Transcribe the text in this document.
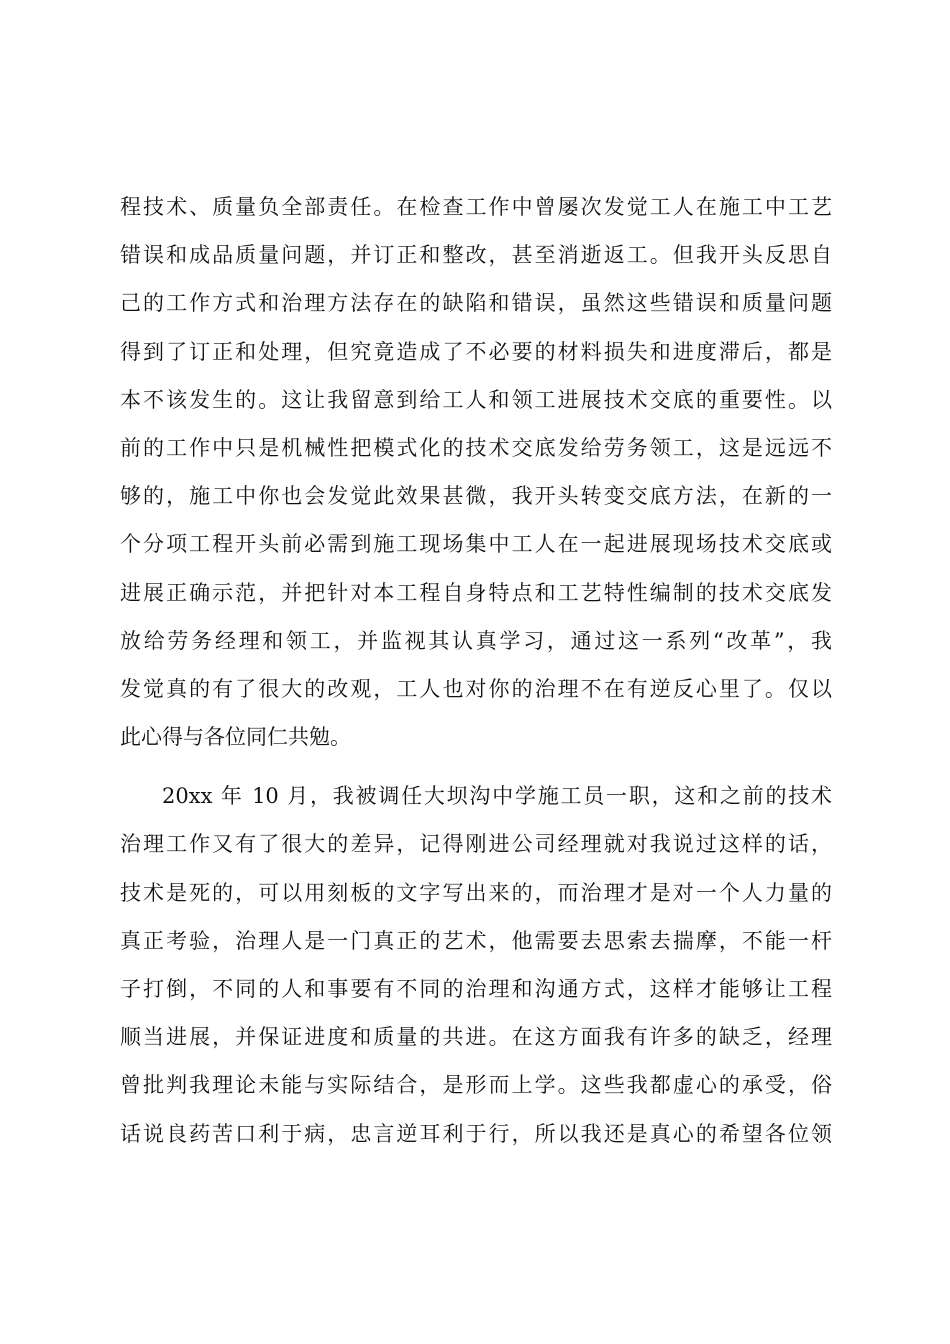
程技术、质量负全部责任。在检查工作中曾屡次发觉工人在施工中工艺
错误和成品质量问题，并订正和整改，甚至消逝返工。但我开头反思自
己的工作方式和治理方法存在的缺陷和错误，虽然这些错误和质量问题
得到了订正和处理，但究竟造成了不必要的材料损失和进度滞后，都是
本不该发生的。这让我留意到给工人和领工进展技术交底的重要性。以
前的工作中只是机械性把模式化的技术交底发给劳务领工，这是远远不
够的，施工中你也会发觉此效果甚微，我开头转变交底方法，在新的一
个分项工程开头前必需到施工现场集中工人在一起进展现场技术交底或
进展正确示范，并把针对本工程自身特点和工艺特性编制的技术交底发
放给劳务经理和领工，并监视其认真学习，通过这一系列“改革”，我
发觉真的有了很大的改观，工人也对你的治理不在有逆反心里了。仅以
此心得与各位同仁共勉。
20xx 年 10 月，我被调任大坝沟中学施工员一职，这和之前的技术
治理工作又有了很大的差异，记得刚进公司经理就对我说过这样的话，
技术是死的，可以用刻板的文字写出来的，而治理才是对一个人力量的
真正考验，治理人是一门真正的艺术，他需要去思索去揣摩，不能一杆
子打倒，不同的人和事要有不同的治理和沟通方式，这样才能够让工程
顺当进展，并保证进度和质量的共进。在这方面我有许多的缺乏，经理
曾批判我理论未能与实际结合，是形而上学。这些我都虚心的承受，俗
话说良药苦口利于病，忠言逆耳利于行，所以我还是真心的希望各位领
